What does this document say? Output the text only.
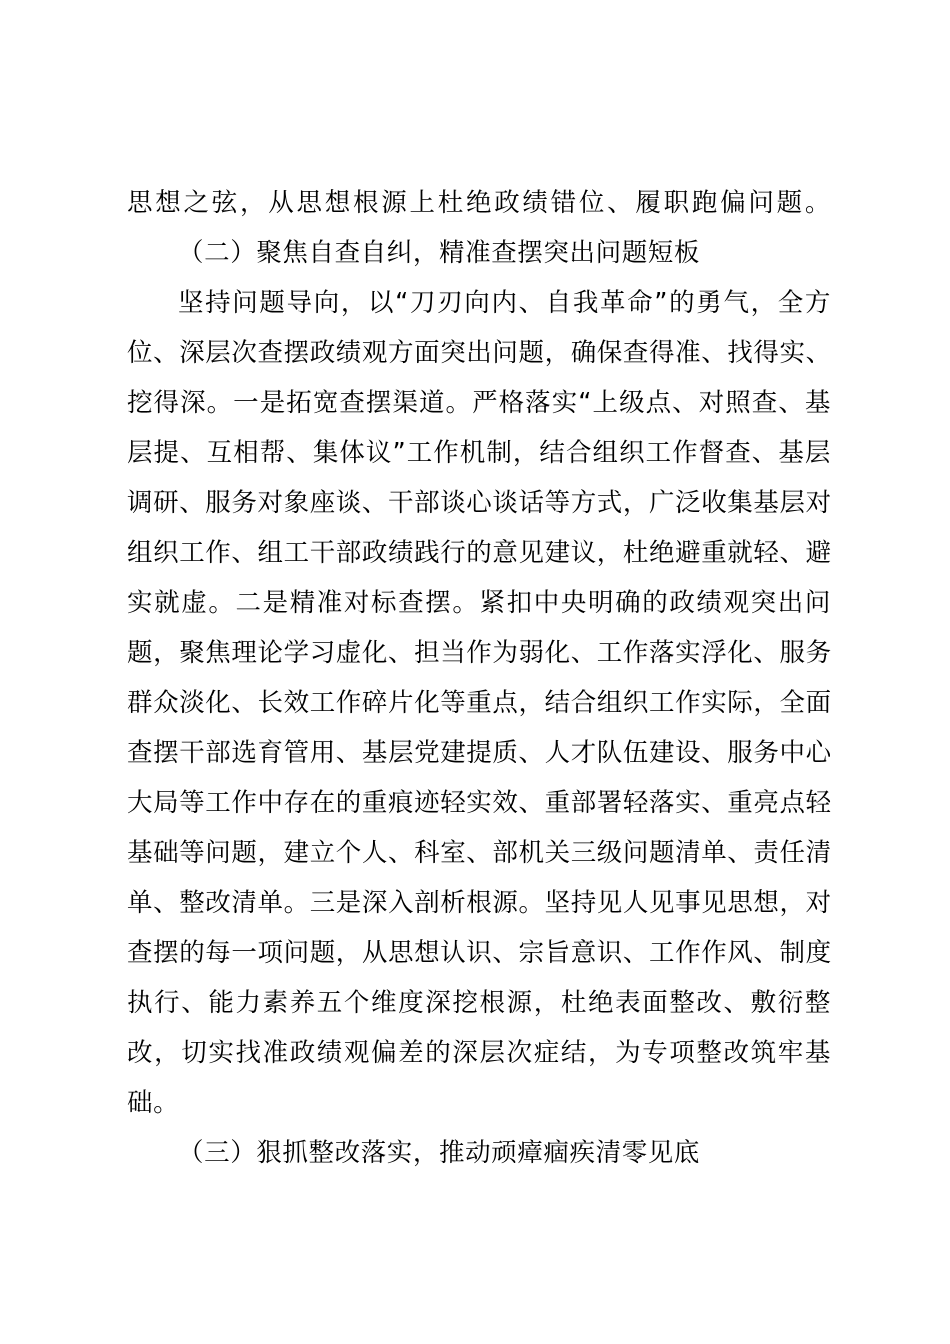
思想之弦，从思想根源上杜绝政绩错位、履职跑偏问题。
（二）聚焦自查自纠，精准查摆突出问题短板
坚持问题导向，以“刀刃向内、自我革命”的勇气，全方
位、深层次查摆政绩观方面突出问题，确保查得准、找得实、
挖得深。一是拓宽查摆渠道。严格落实“上级点、对照查、基
层提、互相帮、集体议”工作机制，结合组织工作督查、基层
调研、服务对象座谈、干部谈心谈话等方式，广泛收集基层对
组织工作、组工干部政绩践行的意见建议，杜绝避重就轻、避
实就虚。二是精准对标查摆。紧扣中央明确的政绩观突出问
题，聚焦理论学习虚化、担当作为弱化、工作落实浮化、服务
群众淡化、长效工作碎片化等重点，结合组织工作实际，全面
查摆干部选育管用、基层党建提质、人才队伍建设、服务中心
大局等工作中存在的重痕迹轻实效、重部署轻落实、重亮点轻
基础等问题，建立个人、科室、部机关三级问题清单、责任清
单、整改清单。三是深入剖析根源。坚持见人见事见思想，对
查摆的每一项问题，从思想认识、宗旨意识、工作作风、制度
执行、能力素养五个维度深挖根源，杜绝表面整改、敷衍整
改，切实找准政绩观偏差的深层次症结，为专项整改筑牢基
础。
（三）狠抓整改落实，推动顽瘴痼疾清零见底
